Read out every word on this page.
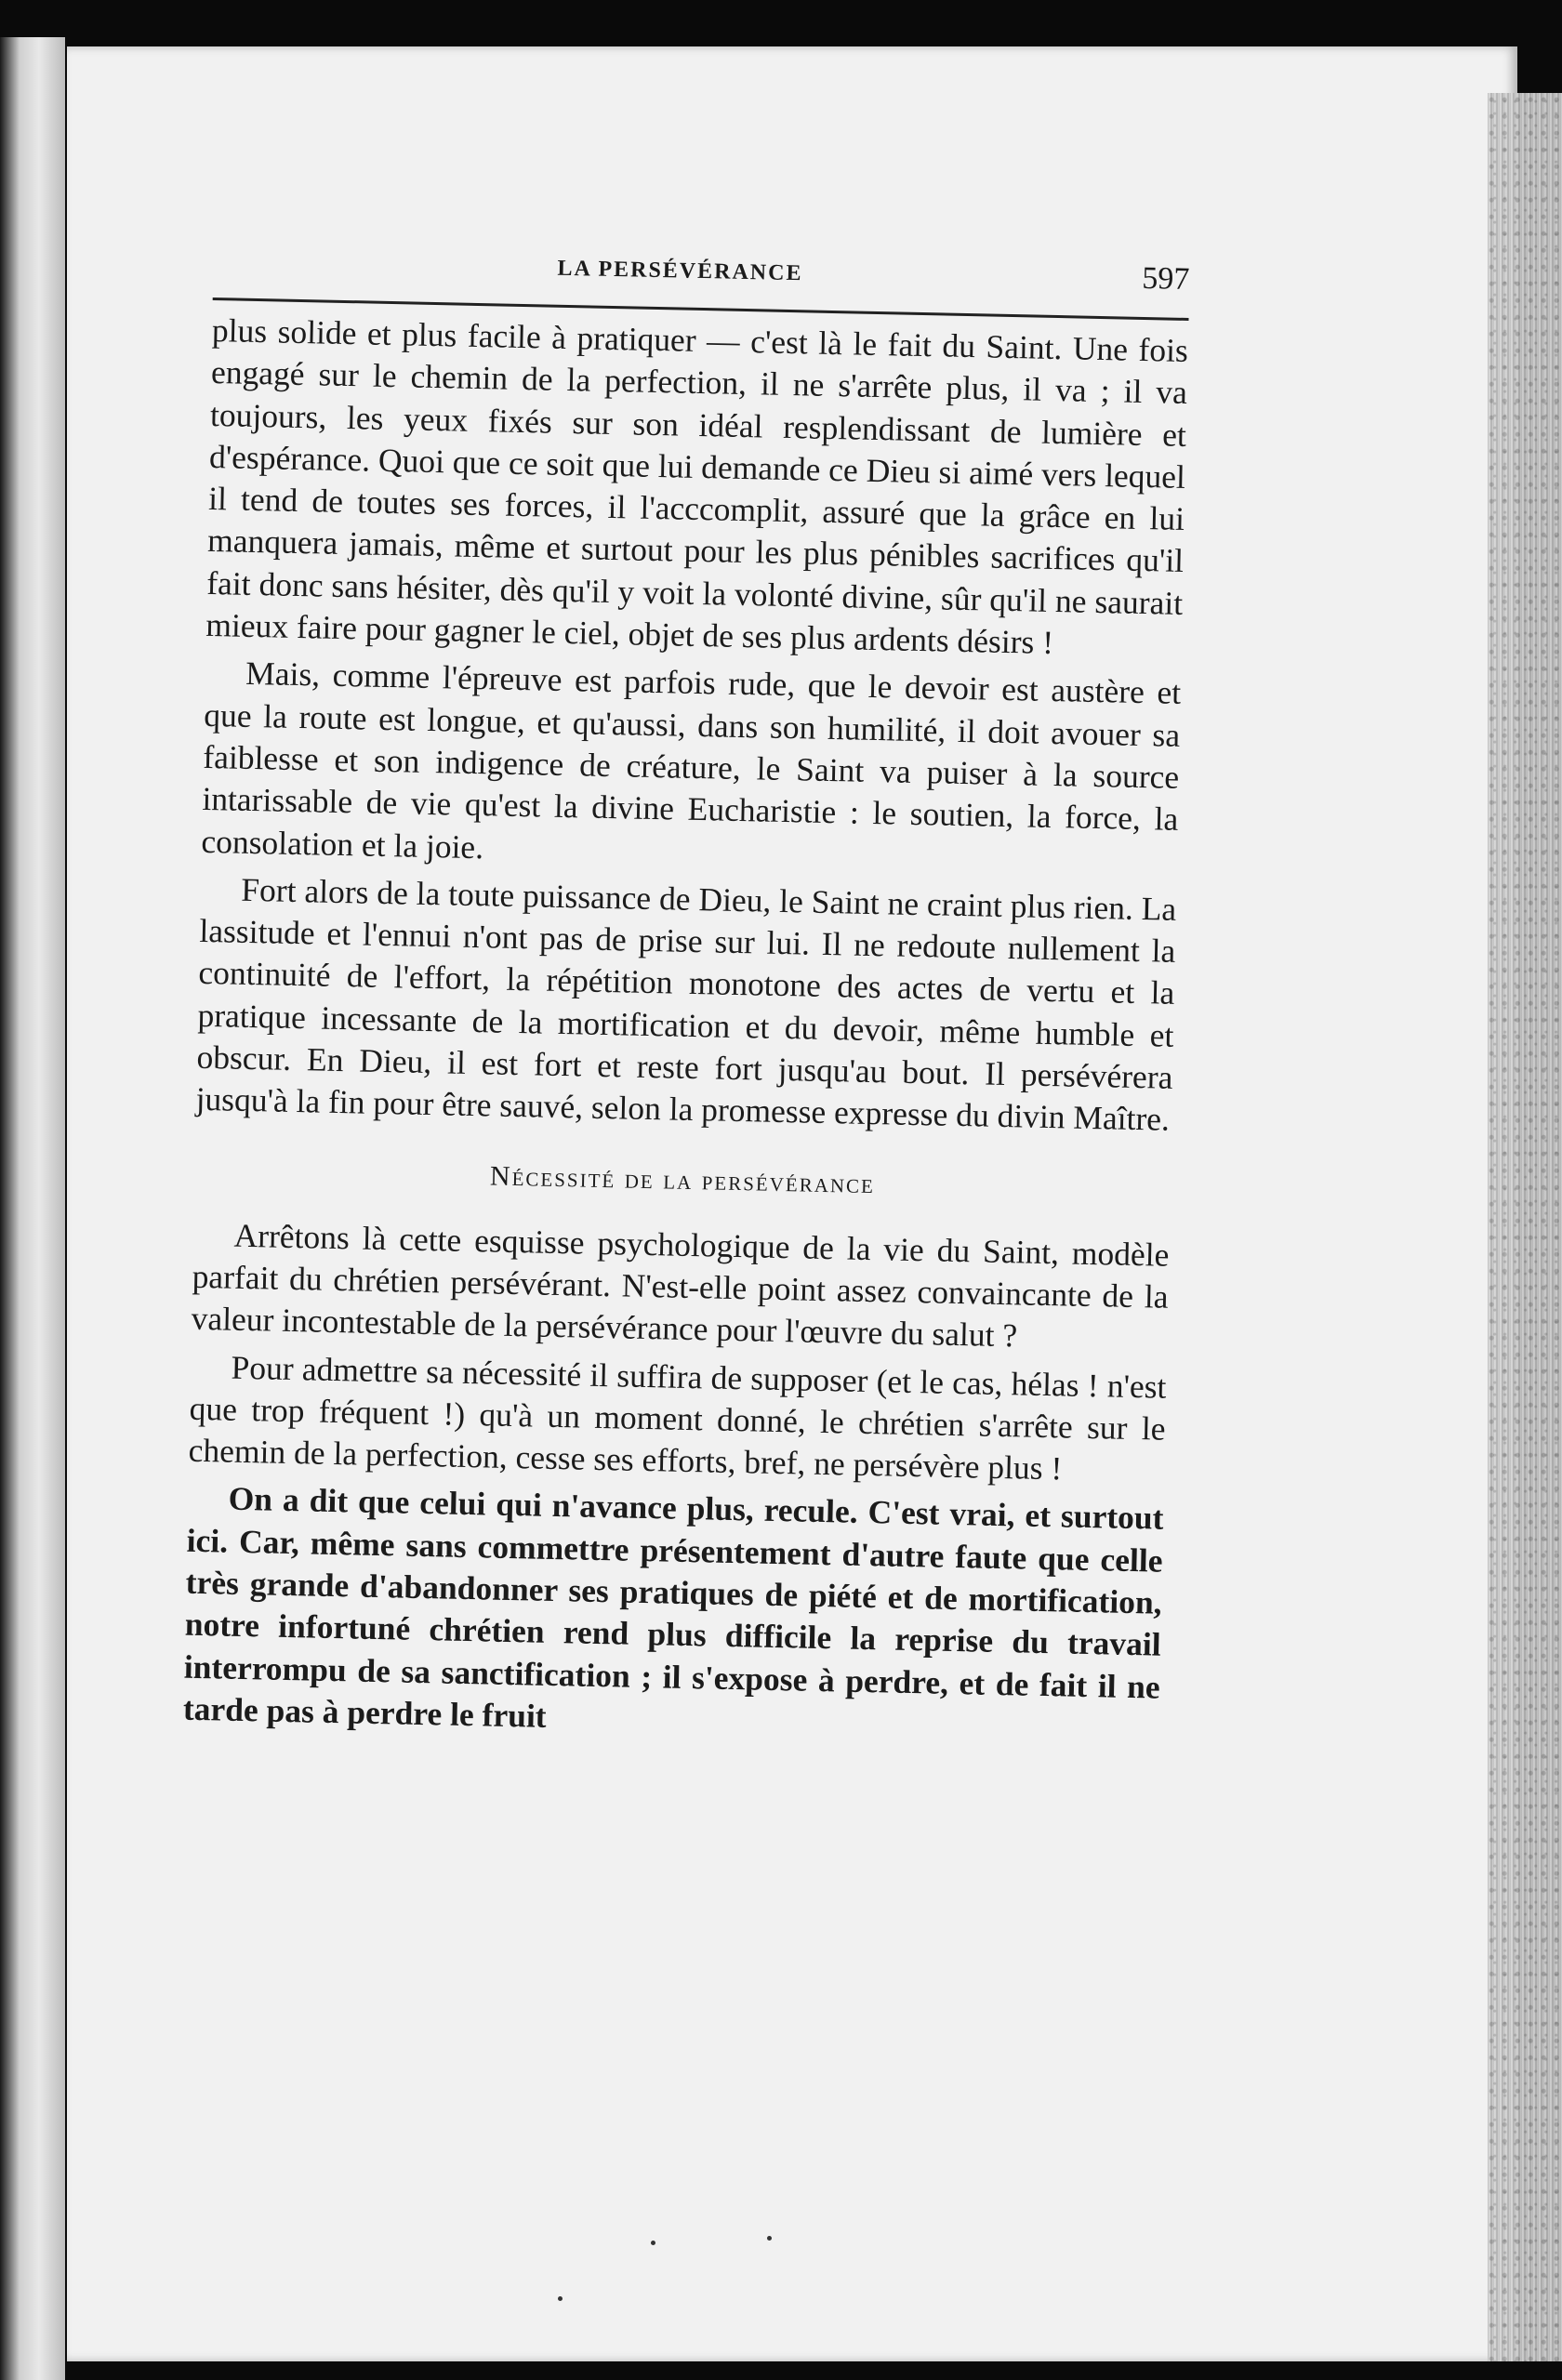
LA PERSÉVÉRANCE	597

plus solide et plus facile à pratiquer — c'est là le fait du Saint. Une fois engagé sur le chemin de la perfection, il ne s'arrête plus, il va ; il va toujours, les yeux fixés sur son idéal resplendissant de lumière et d'espérance. Quoi que ce soit que lui demande ce Dieu si aimé vers lequel il tend de toutes ses forces, il l'acccomplit, assuré que la grâce en lui manquera jamais, même et surtout pour les plus pénibles sacrifices qu'il fait donc sans hésiter, dès qu'il y voit la volonté divine, sûr qu'il ne saurait mieux faire pour gagner le ciel, objet de ses plus ardents désirs !

Mais, comme l'épreuve est parfois rude, que le devoir est austère et que la route est longue, et qu'aussi, dans son humilité, il doit avouer sa faiblesse et son indigence de créature, le Saint va puiser à la source intarissable de vie qu'est la divine Eucharistie : le soutien, la force, la consolation et la joie.

Fort alors de la toute puissance de Dieu, le Saint ne craint plus rien. La lassitude et l'ennui n'ont pas de prise sur lui. Il ne redoute nullement la continuité de l'effort, la répétition monotone des actes de vertu et la pratique incessante de la mortification et du devoir, même humble et obscur. En Dieu, il est fort et reste fort jusqu'au bout. Il persévérera jusqu'à la fin pour être sauvé, selon la promesse expresse du divin Maître.

Nécessité de la persévérance

Arrêtons là cette esquisse psychologique de la vie du Saint, modèle parfait du chrétien persévérant. N'est-elle point assez convaincante de la valeur incontestable de la persévérance pour l'œuvre du salut ?

Pour admettre sa nécessité il suffira de supposer (et le cas, hélas ! n'est que trop fréquent !) qu'à un moment donné, le chrétien s'arrête sur le chemin de la perfection, cesse ses efforts, bref, ne persévère plus !

On a dit que celui qui n'avance plus, recule. C'est vrai, et surtout ici. Car, même sans commettre présentement d'autre faute que celle très grande d'abandonner ses pratiques de piété et de mortification, notre infortuné chrétien rend plus difficile la reprise du travail interrompu de sa sanctification ; il s'expose à perdre, et de fait il ne tarde pas à perdre le fruit
